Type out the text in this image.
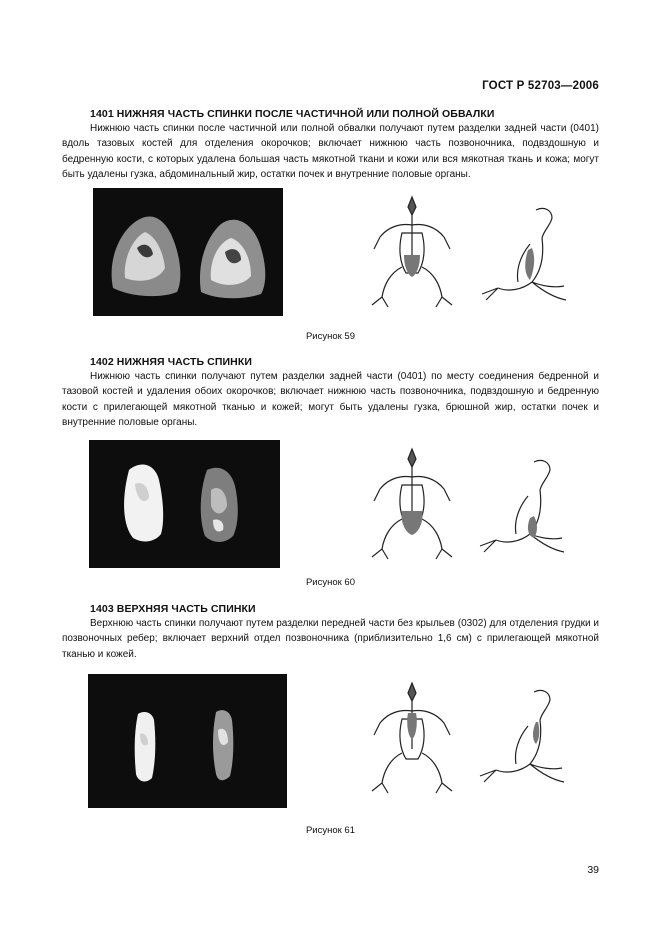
ГОСТ Р 52703—2006
1401 НИЖНЯЯ ЧАСТЬ СПИНКИ ПОСЛЕ ЧАСТИЧНОЙ ИЛИ ПОЛНОЙ ОБВАЛКИ

Нижнюю часть спинки после частичной или полной обвалки получают путем разделки задней части (0401) вдоль тазовых костей для отделения окорочков; включает нижнюю часть позвоночника, подвздошную и бедренную кости, с которых удалена большая часть мякотной ткани и кожи или вся мякотная ткань и кожа; могут быть удалены гузка, абдоминальный жир, остатки почек и внутренние половые органы.

Рисунок 59
1402 НИЖНЯЯ ЧАСТЬ СПИНКИ

Нижнюю часть спинки получают путем разделки задней части (0401) по месту соединения бедренной и тазовой костей и удаления обоих окорочков; включает нижнюю часть позвоночника, подвздошную и бедренную кости с прилегающей мякотной тканью и кожей; могут быть удалены гузка, брюшной жир, остатки почек и внутренние половые органы.

Рисунок 60
1403 ВЕРХНЯЯ ЧАСТЬ СПИНКИ

Верхнюю часть спинки получают путем разделки передней части без крыльев (0302) для отделения грудки и позвоночных ребер; включает верхний отдел позвоночника (приблизительно 1,6 см) с прилегающей мякотной тканью и кожей.

Рисунок 61
39
